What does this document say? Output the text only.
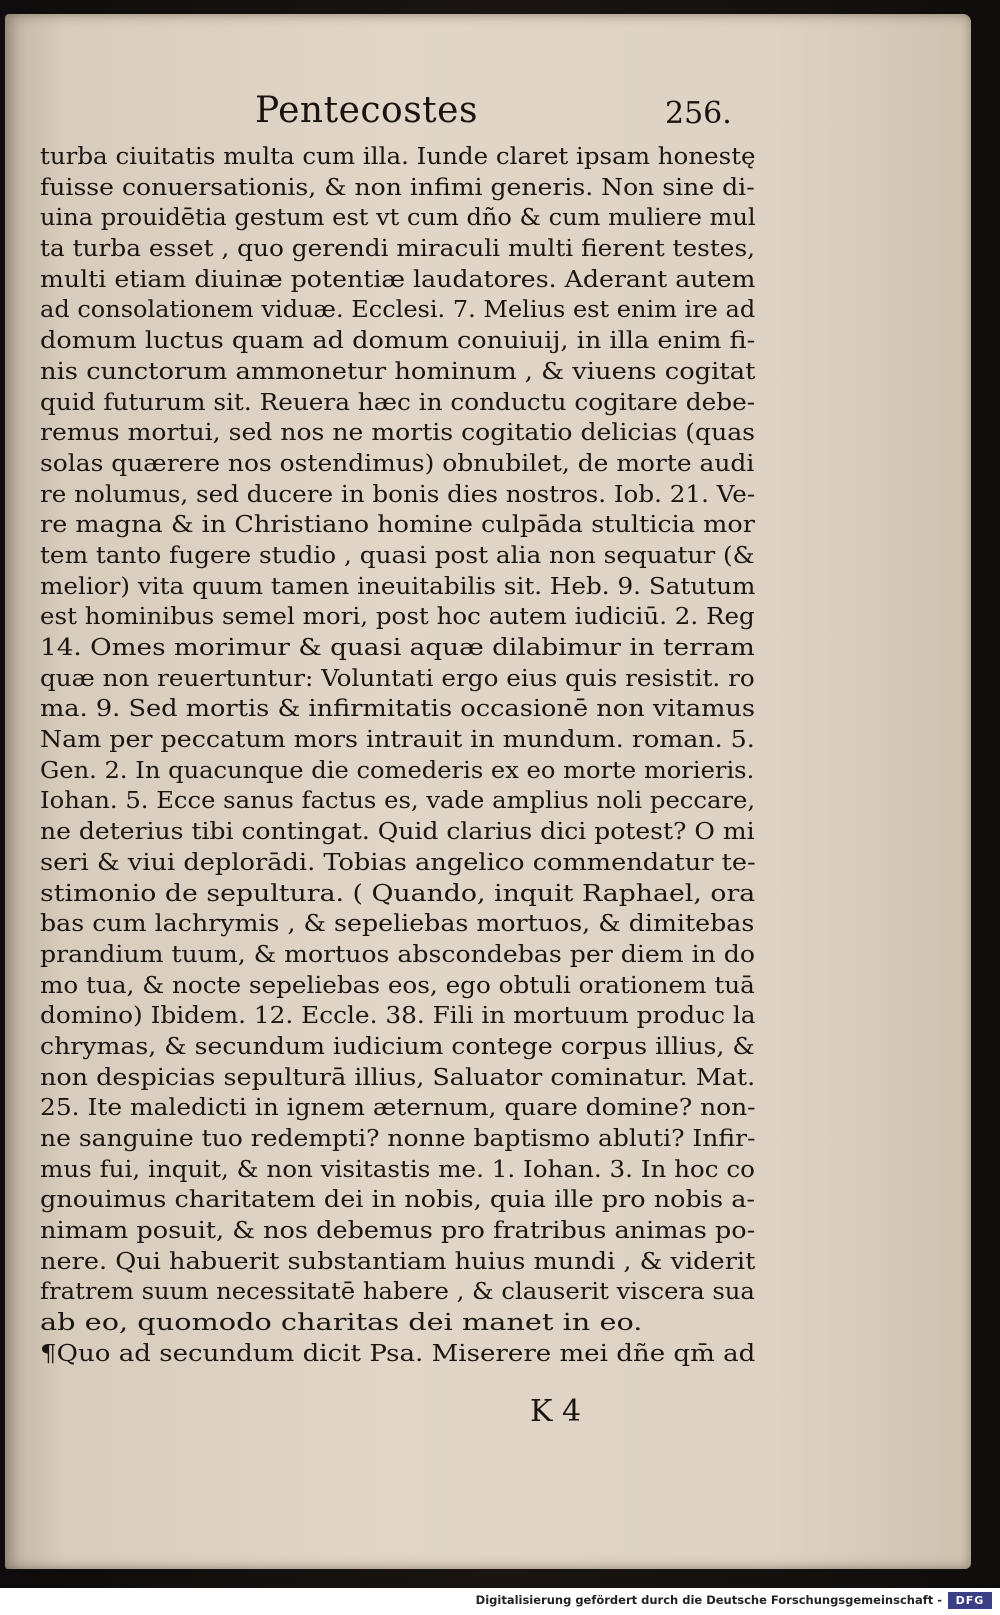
Pentecostes	256.
turba ciuitatis multa cum illa. Iunde claret ipsam honestę
fuisse conuersationis, & non infimi generis. Non sine di-
uina prouidētia gestum est vt cum dño & cum muliere mul
ta turba esset , quo gerendi miraculi multi fierent testes,
multi etiam diuinæ potentiæ laudatores. Aderant autem
ad consolationem viduæ. Ecclesi. 7. Melius est enim ire ad
domum luctus quam ad domum conuiuij, in illa enim fi-
nis cunctorum ammonetur hominum , & viuens cogitat
quid futurum sit. Reuera hæc in conductu cogitare debe-
remus mortui, sed nos ne mortis cogitatio delicias (quas
solas quærere nos ostendimus) obnubilet, de morte audi
re nolumus, sed ducere in bonis dies nostros. Iob. 21. Ve-
re magna & in Christiano homine culpāda stulticia mor
tem tanto fugere studio , quasi post alia non sequatur (&
melior) vita quum tamen ineuitabilis sit. Heb. 9. Satutum
est hominibus semel mori, post hoc autem iudiciū. 2. Reg
14. Omes morimur & quasi aquæ dilabimur in terram
quæ non reuertuntur: Voluntati ergo eius quis resistit. ro
ma. 9. Sed mortis & infirmitatis occasionē non vitamus
Nam per peccatum mors intrauit in mundum. roman. 5.
Gen. 2. In quacunque die comederis ex eo morte morieris.
Iohan. 5. Ecce sanus factus es, vade amplius noli peccare,
ne deterius tibi contingat. Quid clarius dici potest? O mi
seri & viui deplorādi. Tobias angelico commendatur te-
stimonio de sepultura. ( Quando, inquit Raphael, ora
bas cum lachrymis , & sepeliebas mortuos, & dimitebas
prandium tuum, & mortuos abscondebas per diem in do
mo tua, & nocte sepeliebas eos, ego obtuli orationem tuā
domino) Ibidem. 12. Eccle. 38. Fili in mortuum produc la
chrymas, & secundum iudicium contege corpus illius, &
non despicias sepulturā illius, Saluator cominatur. Mat.
25. Ite maledicti in ignem æternum, quare domine? non-
ne sanguine tuo redempti? nonne baptismo abluti? Infir-
mus fui, inquit, & non visitastis me. 1. Iohan. 3. In hoc co
gnouimus charitatem dei in nobis, quia ille pro nobis a-
nimam posuit, & nos debemus pro fratribus animas po-
nere. Qui habuerit substantiam huius mundi , & viderit
fratrem suum necessitatē habere , & clauserit viscera sua
ab eo, quomodo charitas dei manet in eo.
¶Quo ad secundum dicit Psa. Miserere mei dñe qm̄ ad
K 4
Digitalisierung gefördert durch die Deutsche Forschungsgemeinschaft -	DFG
